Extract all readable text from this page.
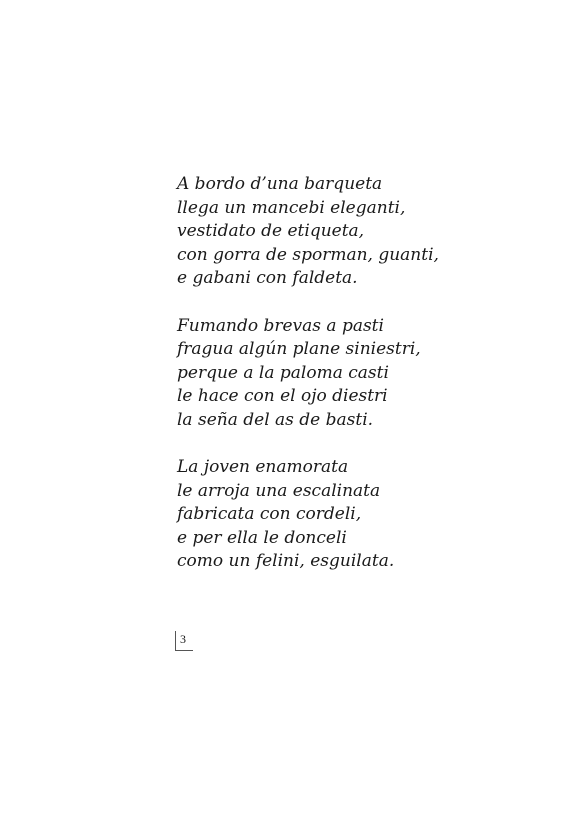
A bordo d’una barqueta
llega un mancebi eleganti,
vestidato de etiqueta,
con gorra de sporman, guanti,
e gabani con faldeta.
Fumando brevas a pasti
fragua algún plane siniestri,
perque a la paloma casti
le hace con el ojo diestri
la seña del as de basti.
La joven enamorata
le arroja una escalinata
fabricata con cordeli,
e per ella le donceli
como un felini, esguilata.
3
